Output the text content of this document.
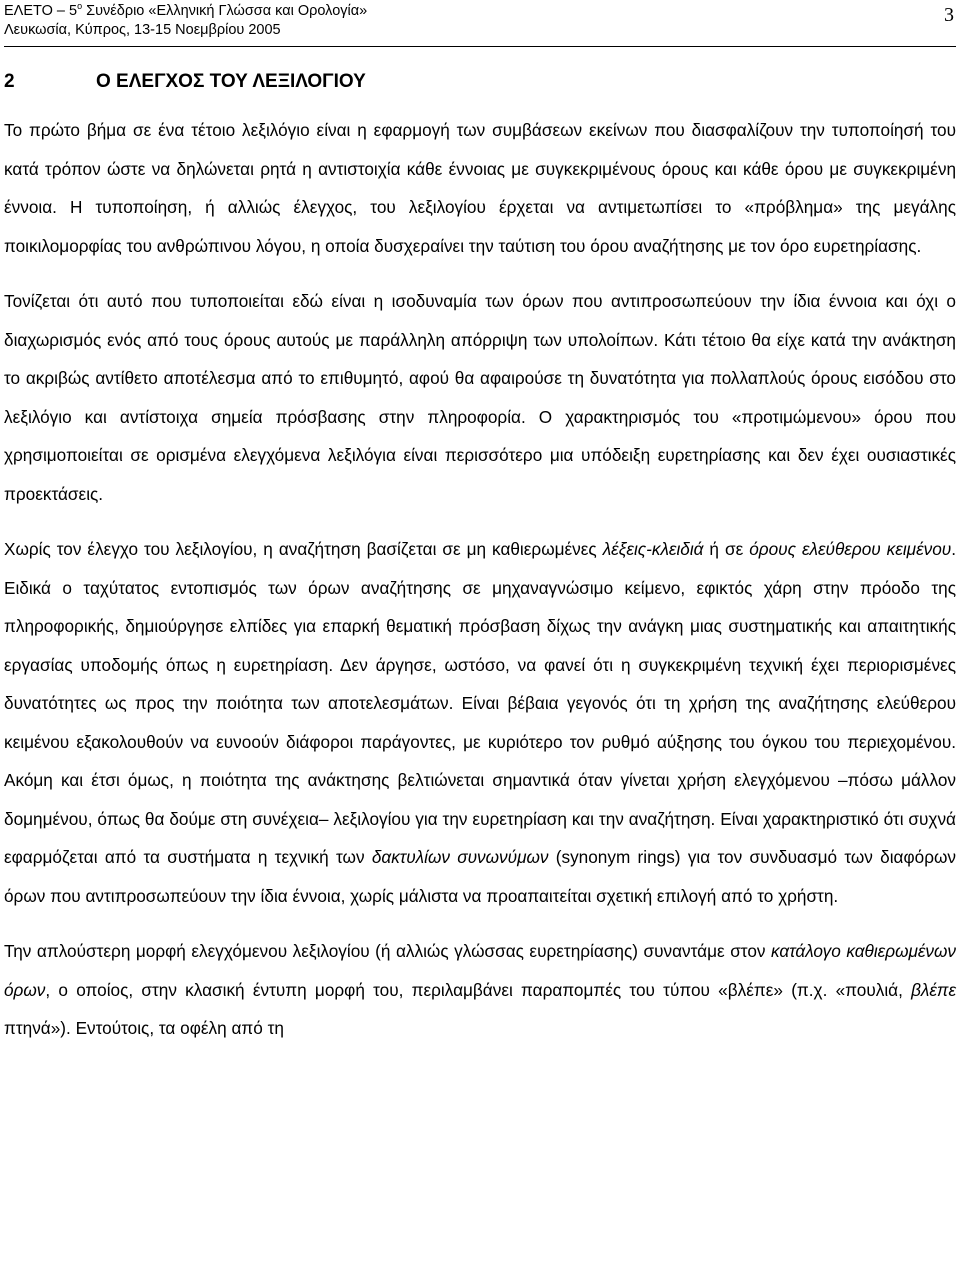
ΕΛΕΤΟ – $5^o$ Συνέδριο «Ελληνική Γλώσσα και Ορολογία»
Λευκωσία, Κύπρος, 13-15 Νοεμβρίου 2005
3
2	Ο ΕΛΕΓΧΟΣ ΤΟΥ ΛΕΞΙΛΟΓΙΟΥ

Το πρώτο βήμα σε ένα τέτοιο λεξιλόγιο είναι η εφαρμογή των συμβάσεων εκείνων που διασφαλίζουν την τυποποίησή του κατά τρόπον ώστε να δηλώνεται ρητά η αντιστοιχία κάθε έννοιας με συγκεκριμένους όρους και κάθε όρου με συγκεκριμένη έννοια. Η τυποποίηση, ή αλλιώς έλεγχος, του λεξιλογίου έρχεται να αντιμετωπίσει το «πρόβλημα» της μεγάλης ποικιλομορφίας του ανθρώπινου λόγου, η οποία δυσχεραίνει την ταύτιση του όρου αναζήτησης με τον όρο ευρετηρίασης.

Τονίζεται ότι αυτό που τυποποιείται εδώ είναι η ισοδυναμία των όρων που αντιπροσωπεύουν την ίδια έννοια και όχι ο διαχωρισμός ενός από τους όρους αυτούς με παράλληλη απόρριψη των υπολοίπων. Κάτι τέτοιο θα είχε κατά την ανάκτηση το ακριβώς αντίθετο αποτέλεσμα από το επιθυμητό, αφού θα αφαιρούσε τη δυνατότητα για πολλαπλούς όρους εισόδου στο λεξιλόγιο και αντίστοιχα σημεία πρόσβασης στην πληροφορία. Ο χαρακτηρισμός του «προτιμώμενου» όρου που χρησιμοποιείται σε ορισμένα ελεγχόμενα λεξιλόγια είναι περισσότερο μια υπόδειξη ευρετηρίασης και δεν έχει ουσιαστικές προεκτάσεις.

Χωρίς τον έλεγχο του λεξιλογίου, η αναζήτηση βασίζεται σε μη καθιερωμένες λέξεις-κλειδιά ή σε όρους ελεύθερου κειμένου. Ειδικά ο ταχύτατος εντοπισμός των όρων αναζήτησης σε μηχαναγνώσιμο κείμενο, εφικτός χάρη στην πρόοδο της πληροφορικής, δημιούργησε ελπίδες για επαρκή θεματική πρόσβαση δίχως την ανάγκη μιας συστηματικής και απαιτητικής εργασίας υποδομής όπως η ευρετηρίαση. Δεν άργησε, ωστόσο, να φανεί ότι η συγκεκριμένη τεχνική έχει περιορισμένες δυνατότητες ως προς την ποιότητα των αποτελεσμάτων. Είναι βέβαια γεγονός ότι τη χρήση της αναζήτησης ελεύθερου κειμένου εξακολουθούν να ευνοούν διάφοροι παράγοντες, με κυριότερο τον ρυθμό αύξησης του όγκου του περιεχομένου. Ακόμη και έτσι όμως, η ποιότητα της ανάκτησης βελτιώνεται σημαντικά όταν γίνεται χρήση ελεγχόμενου –πόσω μάλλον δομημένου, όπως θα δούμε στη συνέχεια– λεξιλογίου για την ευρετηρίαση και την αναζήτηση. Είναι χαρακτηριστικό ότι συχνά εφαρμόζεται από τα συστήματα η τεχνική των δακτυλίων συνωνύμων (synonym rings) για τον συνδυασμό των διαφόρων όρων που αντιπροσωπεύουν την ίδια έννοια, χωρίς μάλιστα να προαπαιτείται σχετική επιλογή από το χρήστη.

Την απλούστερη μορφή ελεγχόμενου λεξιλογίου (ή αλλιώς γλώσσας ευρετηρίασης) συναντάμε στον κατάλογο καθιερωμένων όρων, ο οποίος, στην κλασική έντυπη μορφή του, περιλαμβάνει παραπομπές του τύπου «βλέπε» (π.χ. «πουλιά, βλέπε πτηνά»). Εντούτοις, τα οφέλη από τη
